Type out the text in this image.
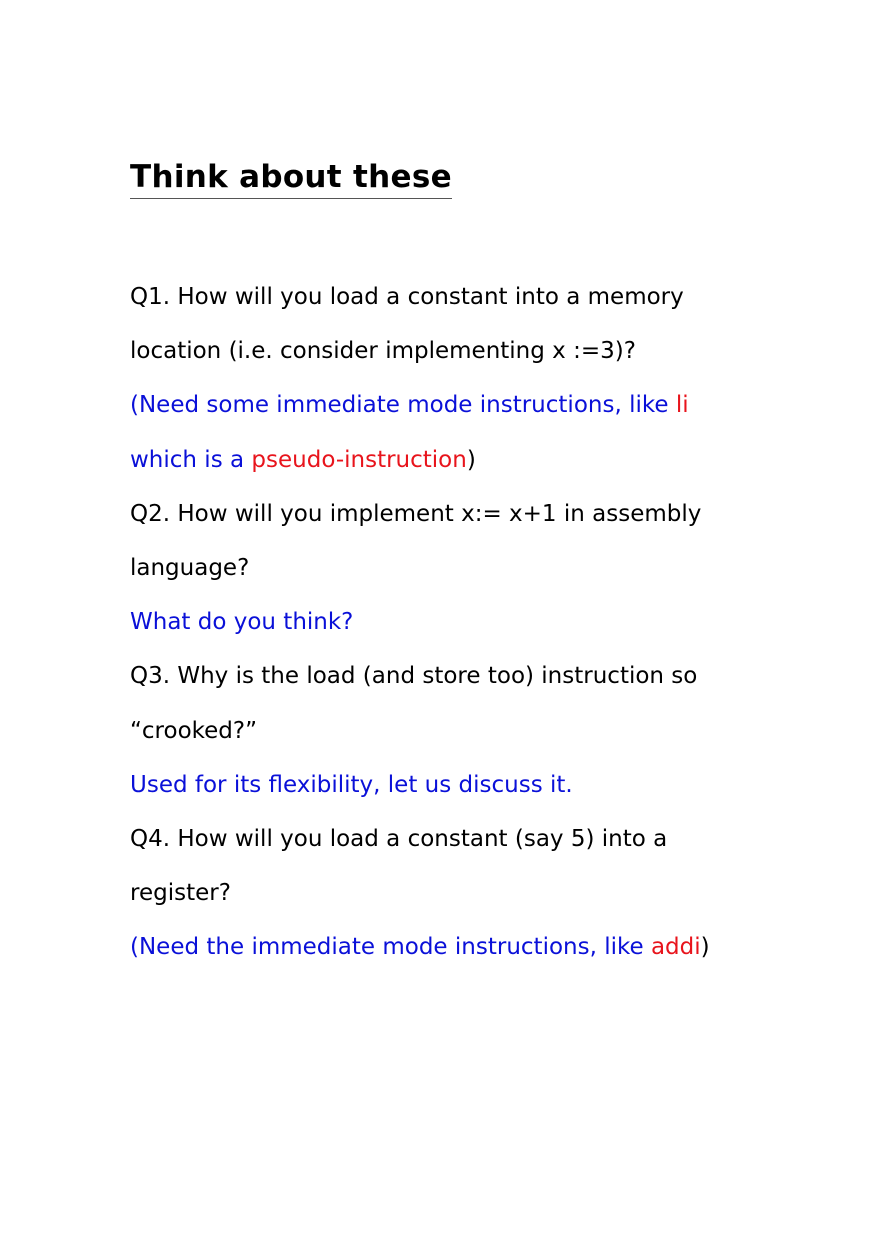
Think about these
Q1. How will you load a constant into a memory
location (i.e. consider implementing x :=3)?
(Need some immediate mode instructions, like li
which is a pseudo-instruction)
Q2. How will you implement x:= x+1 in assembly
language?
What do you think?
Q3. Why is the load (and store too) instruction so
“crooked?”
Used for its flexibility, let us discuss it.
Q4. How will you load a constant (say 5) into a
register?
(Need the immediate mode instructions, like addi)
